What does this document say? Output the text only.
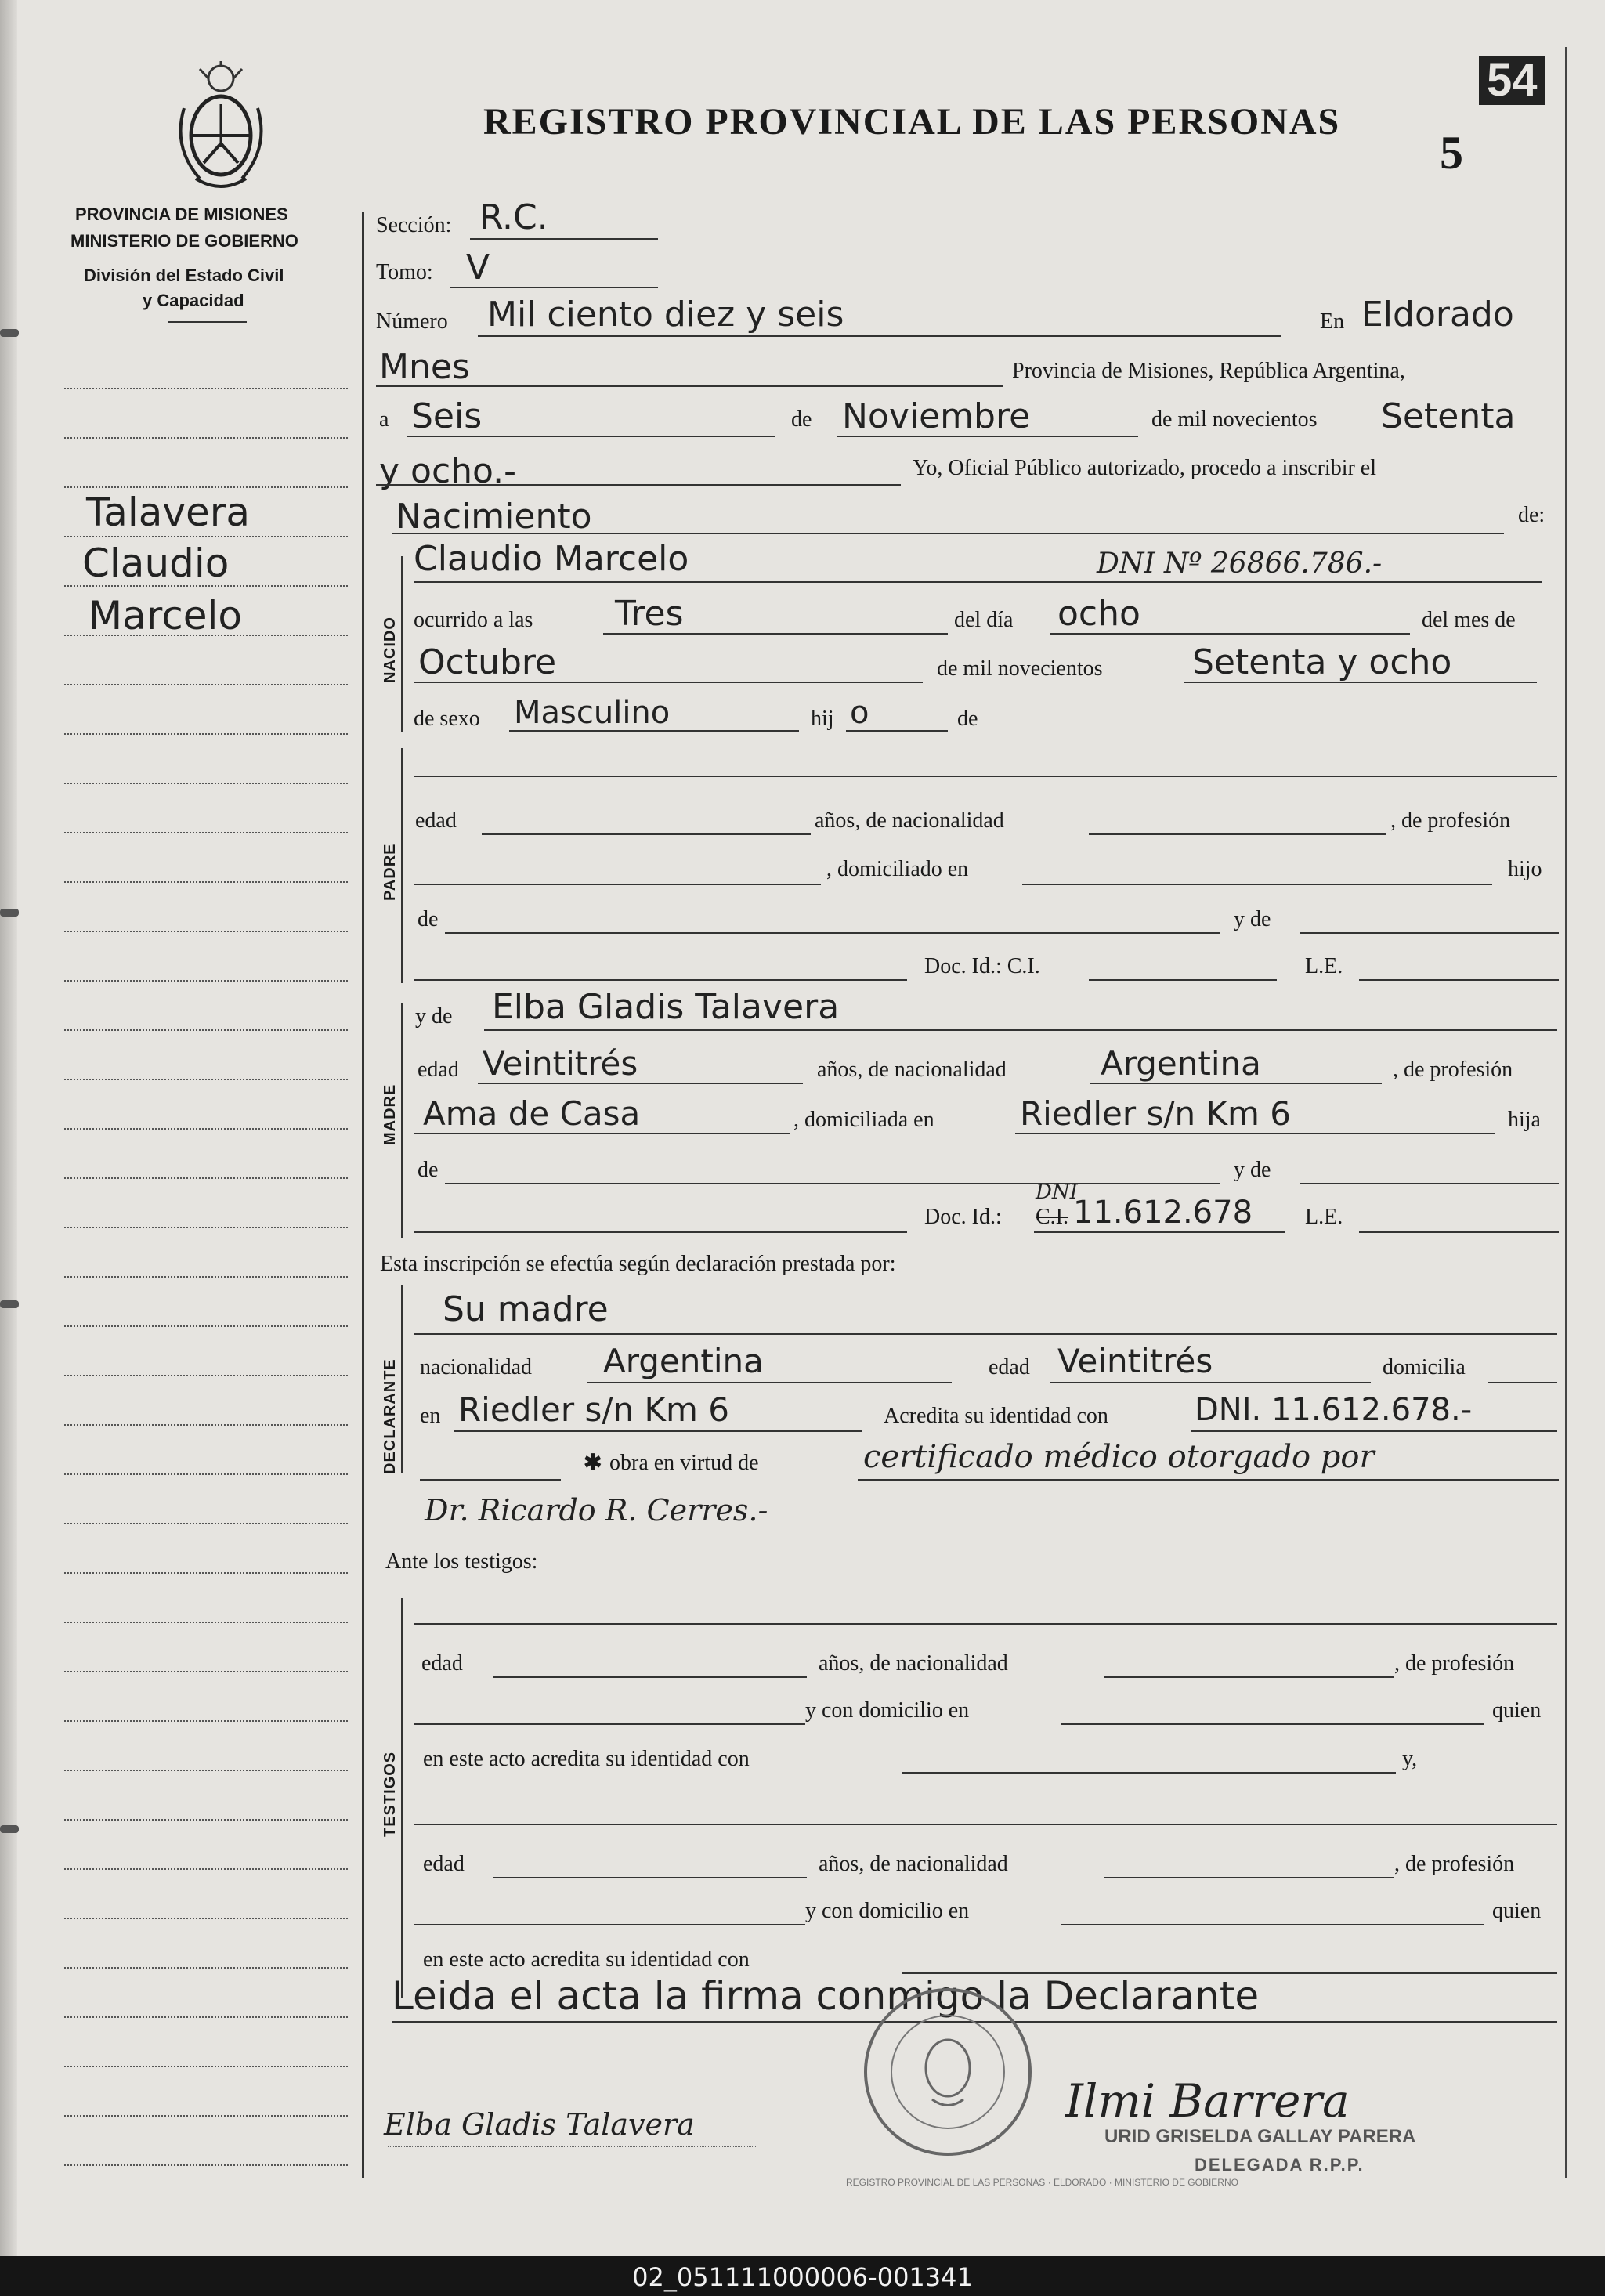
PROVINCIA DE MISIONES
MINISTERIO DE GOBIERNO
División del Estado Civil
y Capacidad
Talavera
Claudio
Marcelo
REGISTRO PROVINCIAL DE LAS PERSONAS
5
54
Sección: R.C.
Tomo: V
Número Mil ciento diez y seis	En Eldorado
Mnes	Provincia de Misiones, República Argentina,
a Seis	de Noviembre	de mil novecientos Setenta
y ocho.-	Yo, Oficial Público autorizado, procedo a inscribir el
Nacimiento	de:
NACIDO
Claudio Marcelo	DNI Nº 26866.786.-
ocurrido a las Tres	del día ocho	del mes de
Octubre	de mil novecientos	Setenta y ocho
de sexo Masculino	hij o	de
PADRE
edad	años, de nacionalidad	, de profesión
, domiciliado en	hijo
de	y de
Doc. Id.: C.I.	L.E.
MADRE
y de Elba Gladis Talavera
edad Veintitrés	años, de nacionalidad	Argentina	, de profesión
Ama de Casa	, domiciliada en	Riedler s/n Km 6	hija
de	y de
Doc. Id.: C.I.
DNI
11.612.678 L.E.
Esta inscripción se efectúa según declaración prestada por:
DECLARANTE
Su madre
nacionalidad Argentina	edad Veintitrés	domicilia
en Riedler s/n Km 6	Acredita su identidad con	DNI. 11.612.678.-
✱ obra en virtud de	certificado médico otorgado por
Dr. Ricardo R. Cerres.-
Ante los testigos:
TESTIGOS
edad	años, de nacionalidad	, de profesión
y con domicilio en	quien
en este acto acredita su identidad con	y,
edad	años, de nacionalidad	, de profesión
y con domicilio en	quien
en este acto acredita su identidad con
Leida el acta la firma conmigo la Declarante
REGISTRO PROVINCIAL DE LAS PERSONAS · ELDORADO · MINISTERIO DE GOBIERNO
Elba Gladis Talavera	Ilmi Barrera
URID GRISELDA GALLAY PARERA
DELEGADA R.P.P.
02_051111000006-001341
